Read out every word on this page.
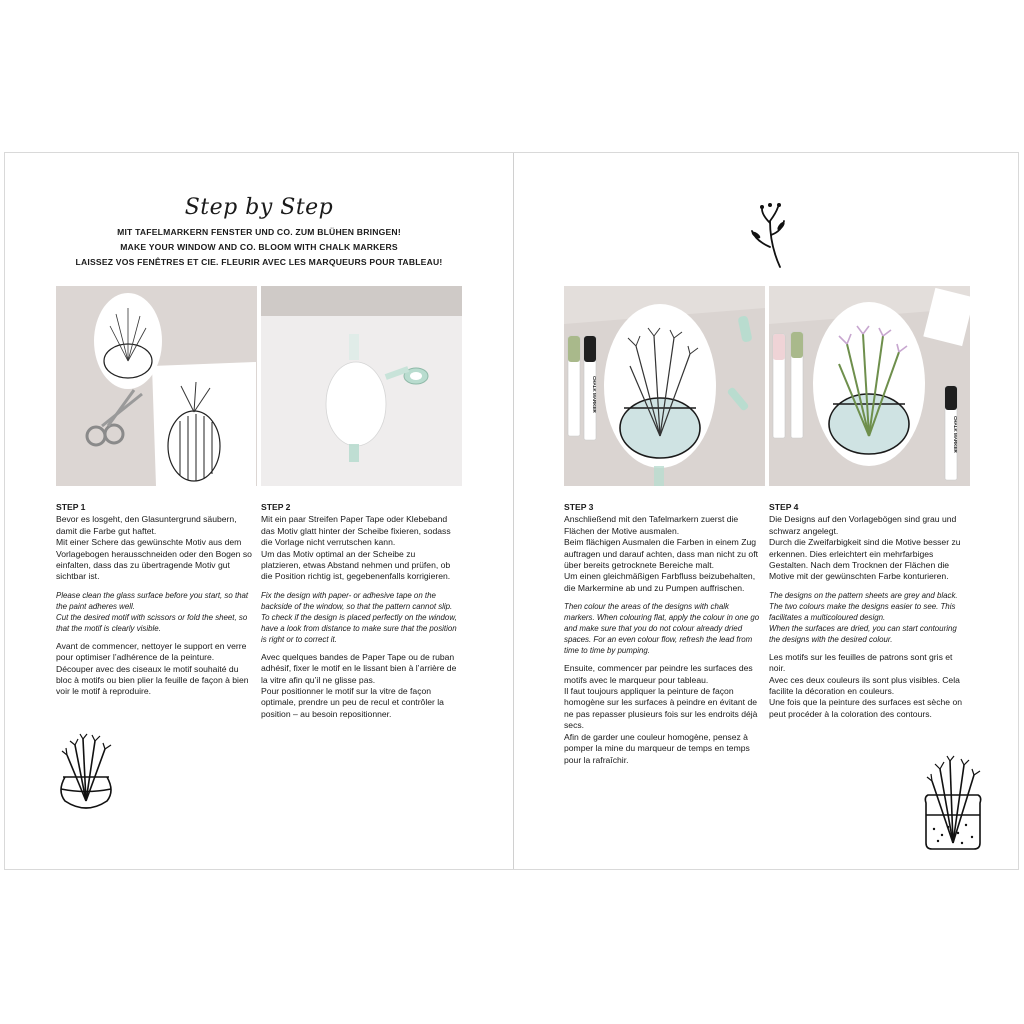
Step by Step
MIT TAFELMARKERN FENSTER UND CO. ZUM BLÜHEN BRINGEN!
MAKE YOUR WINDOW AND CO. BLOOM WITH CHALK MARKERS
LAISSEZ VOS FENÊTRES ET CIE. FLEURIR AVEC LES MARQUEURS POUR TABLEAU!
STEP 1

Bevor es losgeht, den Glasuntergrund säubern, damit die Farbe gut haftet.
Mit einer Schere das gewünschte Motiv aus dem Vorlagebogen herausschneiden oder den Bogen so einfalten, dass das zu übertragende Motiv gut sichtbar ist.

Please clean the glass surface before you start, so that the paint adheres well.
Cut the desired motif with scissors or fold the sheet, so that the motif is clearly visible.

Avant de commencer, nettoyer le support en verre pour optimiser l’adhérence de la peinture.
Découper avec des ciseaux le motif souhaité du bloc à motifs ou bien plier la feuille de façon à bien voir le motif à reproduire.

STEP 2

Mit ein paar Streifen Paper Tape oder Klebeband das Motiv glatt hinter der Scheibe fixieren, sodass die Vorlage nicht verrutschen kann.
Um das Motiv optimal an der Scheibe zu platzieren, etwas Abstand nehmen und prüfen, ob die Position richtig ist, gegebenenfalls korrigieren.

Fix the design with paper- or adhesive tape on the backside of the window, so that the pattern cannot slip.
To check if the design is placed perfectly on the window, have a look from distance to make sure that the position is right or to correct it.

Avec quelques bandes de Paper Tape ou de ruban adhésif, fixer le motif en le lissant bien à l’arrière de la vitre afin qu’il ne glisse pas.
Pour positionner le motif sur la vitre de façon optimale, prendre un peu de recul et contrôler la position – au besoin repositionner.

CHALK MARKER
CHALK MARKER
STEP 3

Anschließend mit den Tafelmarkern zuerst die Flächen der Motive ausmalen.
Beim flächigen Ausmalen die Farben in einem Zug auftragen und darauf achten, dass man nicht zu oft über bereits getrocknete Bereiche malt.
Um einen gleichmäßigen Farbfluss beizubehalten, die Markermine ab und zu Pumpen auffrischen.

Then colour the areas of the designs with chalk markers. When colouring flat, apply the colour in one go and make sure that you do not colour already dried spaces. For an even colour flow, refresh the lead from time to time by pumping.

Ensuite, commencer par peindre les surfaces des motifs avec le marqueur pour tableau.
Il faut toujours appliquer la peinture de façon homogène sur les surfaces à peindre en évitant de ne pas repasser plusieurs fois sur les endroits déjà secs.
Afin de garder une couleur homogène, pensez à pomper la mine du marqueur de temps en temps pour la rafraîchir.

STEP 4

Die Designs auf den Vorlagebögen sind grau und schwarz angelegt.
Durch die Zweifarbigkeit sind die Motive besser zu erkennen. Dies erleichtert ein mehrfarbiges Gestalten. Nach dem Trocknen der Flächen die Motive mit der gewünschten Farbe konturieren.

The designs on the pattern sheets are grey and black. The two colours make the designs easier to see. This facilitates a multicoloured design.
When the surfaces are dried, you can start contouring the designs with the desired colour.

Les motifs sur les feuilles de patrons sont gris et noir.
Avec ces deux couleurs ils sont plus visibles. Cela facilite la décoration en couleurs.
Une fois que la peinture des surfaces est sèche on peut procéder à la coloration des contours.
